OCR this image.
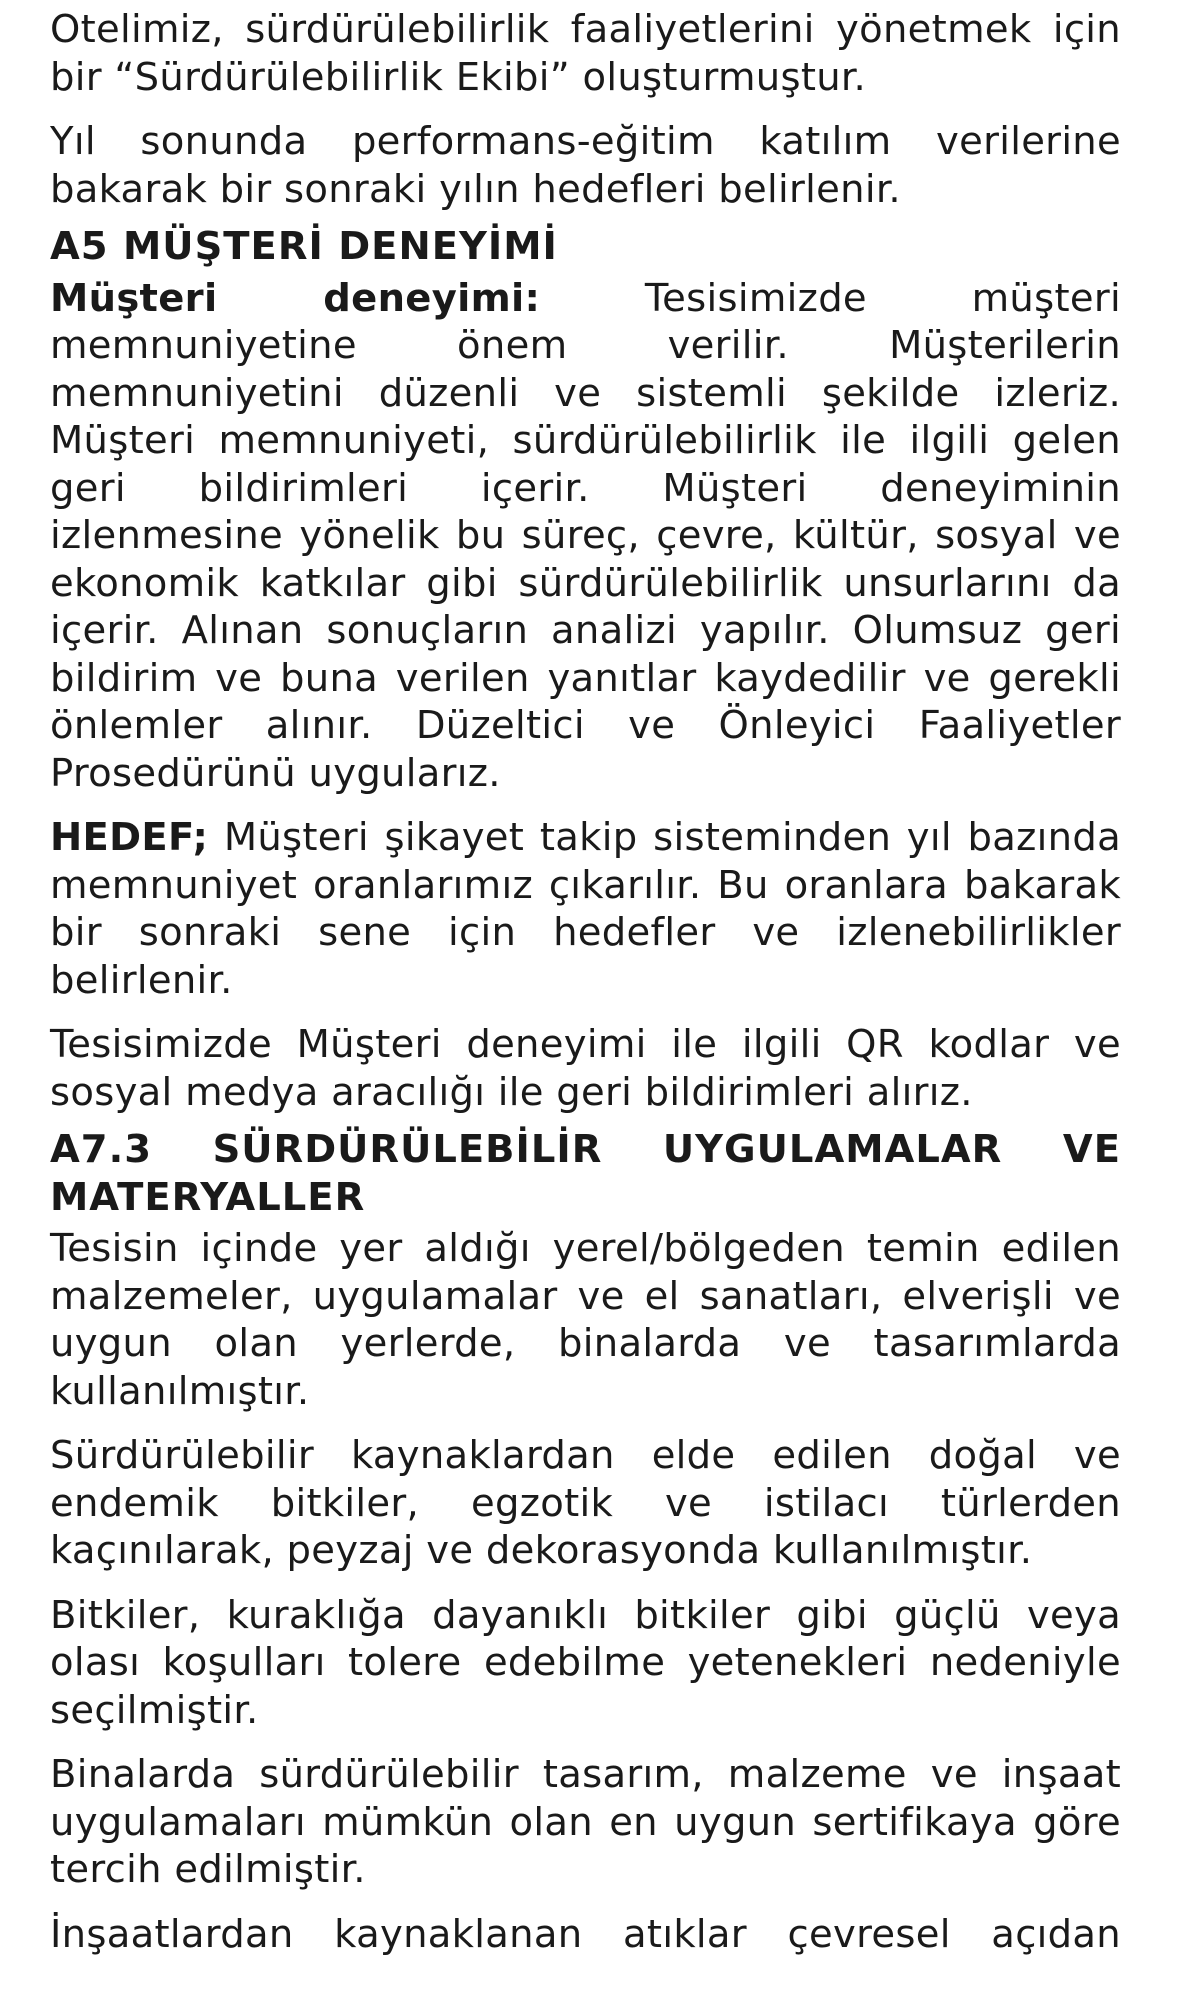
Otelimiz, sürdürülebilirlik faaliyetlerini yönetmek için bir “Sürdürülebilirlik Ekibi” oluşturmuştur.

Yıl sonunda performans-eğitim katılım verilerine bakarak bir sonraki yılın hedefleri belirlenir.

A5 MÜŞTERİ DENEYİMİ

Müşteri deneyimi: Tesisimizde müşteri memnuniyetine önem verilir. Müşterilerin memnuniyetini düzenli ve sistemli şekilde izleriz. Müşteri memnuniyeti, sürdürülebilirlik ile ilgili gelen geri bildirimleri içerir. Müşteri deneyiminin izlenmesine yönelik bu süreç, çevre, kültür, sosyal ve ekonomik katkılar gibi sürdürülebilirlik unsurlarını da içerir. Alınan sonuçların analizi yapılır. Olumsuz geri bildirim ve buna verilen yanıtlar kaydedilir ve gerekli önlemler alınır. Düzeltici ve Önleyici Faaliyetler Prosedürünü uygularız.

HEDEF; Müşteri şikayet takip sisteminden yıl bazında memnuniyet oranlarımız çıkarılır. Bu oranlara bakarak bir sonraki sene için hedefler ve izlenebilirlikler belirlenir.

Tesisimizde Müşteri deneyimi ile ilgili QR kodlar ve sosyal medya aracılığı ile geri bildirimleri alırız.

A7.3 SÜRDÜRÜLEBİLİR UYGULAMALAR VE MATERYALLER

Tesisin içinde yer aldığı yerel/bölgeden temin edilen malzemeler, uygulamalar ve el sanatları, elverişli ve uygun olan yerlerde, binalarda ve tasarımlarda kullanılmıştır.

Sürdürülebilir kaynaklardan elde edilen doğal ve endemik bitkiler, egzotik ve istilacı türlerden kaçınılarak, peyzaj ve dekorasyonda kullanılmıştır.

Bitkiler, kuraklığa dayanıklı bitkiler gibi güçlü veya olası koşulları tolere edebilme yetenekleri nedeniyle seçilmiştir.

Binalarda sürdürülebilir tasarım, malzeme ve inşaat uygulamaları mümkün olan en uygun sertifikaya göre tercih edilmiştir.

İnşaatlardan kaynaklanan atıklar çevresel açıdan
